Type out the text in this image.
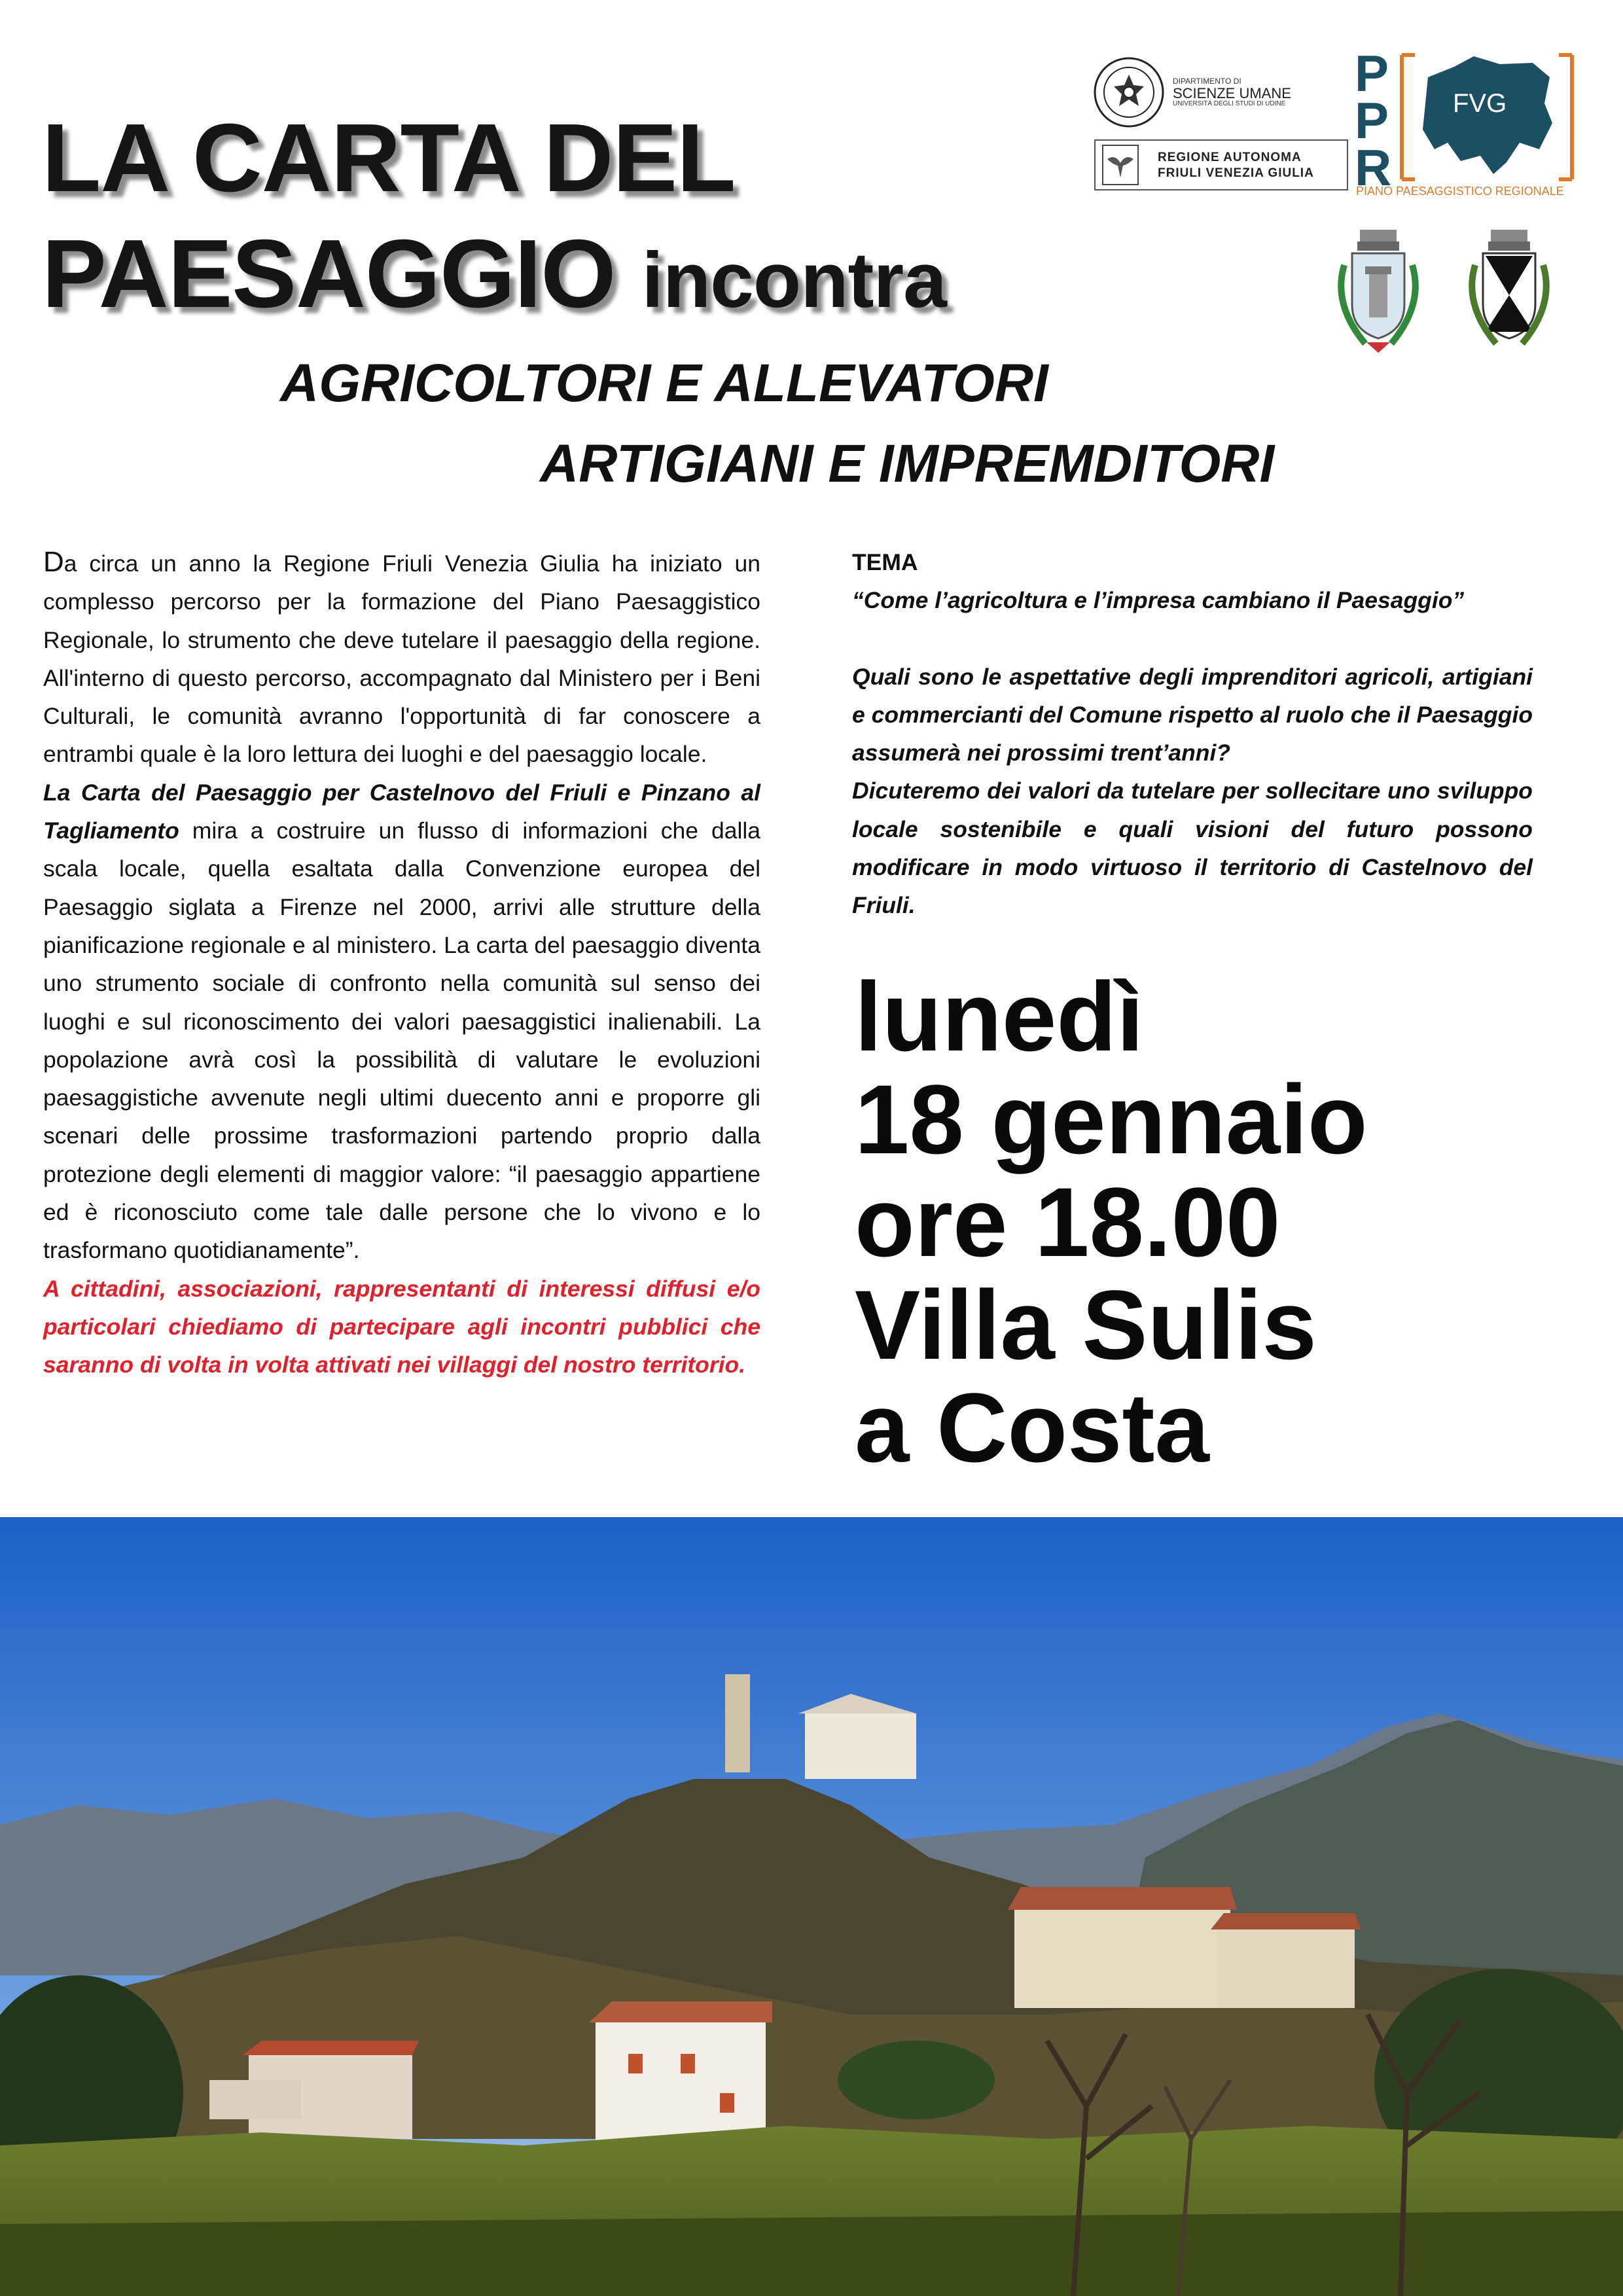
LA CARTA DEL
PAESAGGIO incontra
AGRICOLTORI E ALLEVATORI
ARTIGIANI E IMPREMDITORI
DIPARTIMENTO DI
SCIENZE UMANE
UNIVERSITÀ DEGLI STUDI DI UDINE
REGIONE AUTONOMA
FRIULI VENEZIA GIULIA
PPR
FVG
PIANO PAESAGGISTICO REGIONALE

Da circa un anno la Regione Friuli Venezia Giulia ha iniziato un complesso percorso per la formazione del Piano Paesaggistico Regionale, lo strumento che deve tutelare il paesaggio della regione. All'interno di questo percorso, accompagnato dal Ministero per i Beni Culturali, le comunità avranno l'opportunità di far conoscere a entrambi quale è la loro lettura dei luoghi e del paesaggio locale.

La Carta del Paesaggio per Castelnovo del Friuli e Pinzano al Tagliamento mira a costruire un flusso di informazioni che dalla scala locale, quella esaltata dalla Convenzione europea del Paesaggio siglata a Firenze nel 2000, arrivi alle strutture della pianificazione regionale e al ministero. La carta del paesaggio diventa uno strumento sociale di confronto nella comunità sul senso dei luoghi e sul riconoscimento dei valori paesaggistici inalienabili. La popolazione avrà così la possibilità di valutare le evoluzioni paesaggistiche avvenute negli ultimi duecento anni e proporre gli scenari delle prossime trasformazioni partendo proprio dalla protezione degli elementi di maggior valore: “il paesaggio appartiene ed è riconosciuto come tale dalle persone che lo vivono e lo trasformano quotidianamente”.

A cittadini, associazioni, rappresentanti di interessi diffusi e/o particolari chiediamo di partecipare agli incontri pubblici che saranno di volta in volta attivati nei villaggi del nostro territorio.

TEMA

“Come l’agricoltura e l’impresa cambiano il Paesaggio”

Quali sono le aspettative degli imprenditori agricoli, artigiani e commercianti del Comune rispetto al ruolo che il Paesaggio assumerà nei prossimi trent’anni?

Dicuteremo dei valori da tutelare per sollecitare uno sviluppo locale sostenibile e quali visioni del futuro possono modificare in modo virtuoso il territorio di Castelnovo del Friuli.

lunedì
18 gennaio
ore 18.00
Villa Sulis
a Costa
